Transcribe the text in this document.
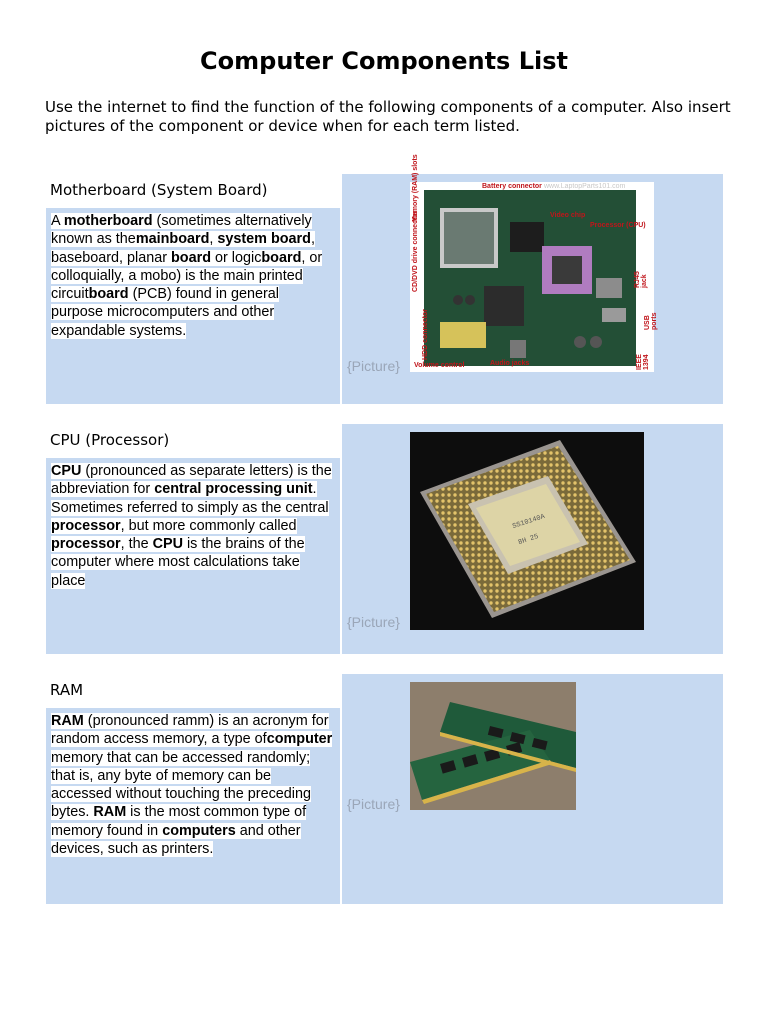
Computer Components List

Use the internet to find the function of the following components of a computer. Also insert pictures of the component or device when for each term listed.

Motherboard (System Board)

A motherboard (sometimes alternatively known as themainboard, system board, baseboard, planar board or logicboard, or colloquially, a mobo) is the main printed circuitboard (PCB) found in general purpose microcomputers and other expandable systems.

{Picture}
Battery connector www.LaptopParts101.com
Memory (RAM) slots	Video chip
Processor (CPU)
CD/DVD drive connector	RJ45 jack
USB ports
HDD connector
IEEE 1394
Volume control	Audio jacks

CPU (Processor)

CPU (pronounced as separate letters) is the abbreviation for central processing unit. Sometimes referred to simply as the central processor, but more commonly called processor, the CPU is the brains of the computer where most calculations take place

{Picture}
SS10140A
8H 25

RAM

RAM (pronounced ramm) is an acronym for random access memory, a type ofcomputer memory that can be accessed randomly; that is, any byte of memory can be accessed without touching the preceding bytes. RAM is the most common type of memory found in computers and other devices, such as printers.

{Picture}
